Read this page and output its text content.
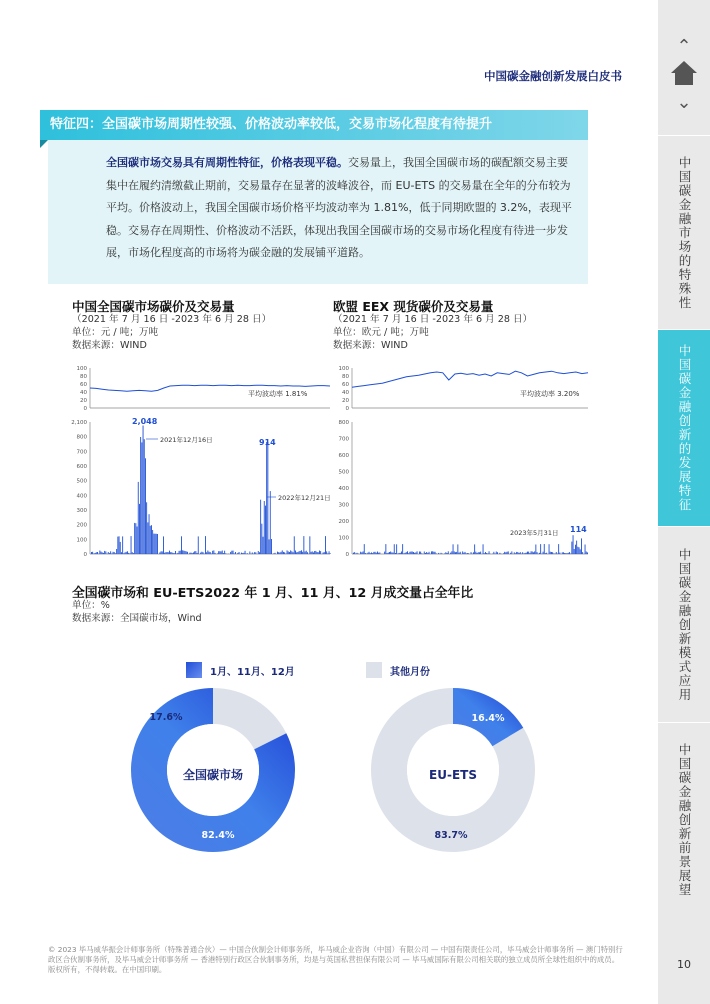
中国碳金融创新发展白皮书
特征四：全国碳市场周期性较强、价格波动率较低，交易市场化程度有待提升
全国碳市场交易具有周期性特征，价格表现平稳。交易量上，我国全国碳市场的碳配额交易主要集中在履约清缴截止期前，交易量存在显著的波峰波谷，而 EU-ETS 的交易量在全年的分布较为平均。价格波动上，我国全国碳市场价格平均波动率为 1.81%，低于同期欧盟的 3.2%，表现平稳。交易存在周期性、价格波动不活跃，体现出我国全国碳市场的交易市场化程度有待进一步发展，市场化程度高的市场将为碳金融的发展铺平道路。
中国全国碳市场碳价及交易量
（2021 年 7 月 16 日 -2023 年 6 月 28 日）
单位：元 / 吨；万吨
数据来源：WIND
欧盟 EEX 现货碳价及交易量
（2021 年 7 月 16 日 -2023 年 6 月 28 日）
单位：欧元 / 吨；万吨
数据来源：WIND
100
80
60
40
20
0
平均波动率 1.81%
2,100
800
700
600
500
400
300
200
100
0
2,048
2021年12月16日	914
2022年12月21日
100
80
60
40
20
0
平均波动率 3.20%
800
700
600
500
400
300
200
100
0
2023年5月31日 114
全国碳市场和 EU-ETS2022 年 1 月、11 月、12 月成交量占全年比
单位：%
数据来源：全国碳市场，Wind
1月、11月、12月	其他月份
全国碳市场	EU-ETS
82.4%
17.6%	16.4%
83.7%
© 2023 毕马威华振会计师事务所（特殊普通合伙）— 中国合伙制会计师事务所，毕马威企业咨询（中国）有限公司 — 中国有限责任公司，毕马威会计师事务所 — 澳门特别行政区合伙制事务所，及毕马威会计师事务所 — 香港特别行政区合伙制事务所，均是与英国私营担保有限公司 — 毕马威国际有限公司相关联的独立成员所全球性组织中的成员。版权所有，不得转载。在中国印刷。
⌃
⌄
中国碳金融市场的特殊性
中国碳金融创新的发展特征
中国碳金融创新模式应用
中国碳金融创新前景展望
10
